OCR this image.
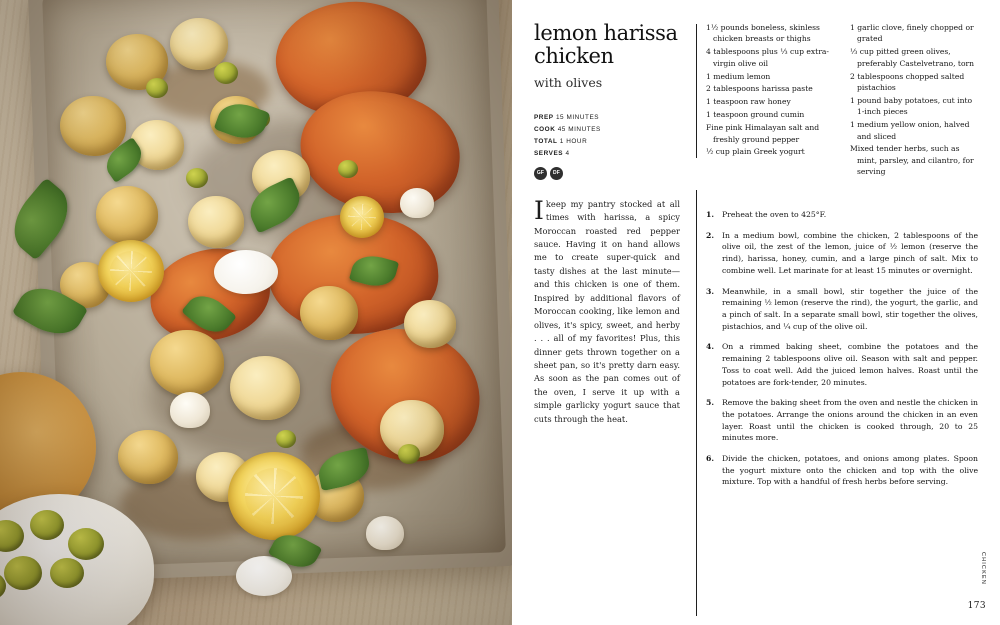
lemon harissa chicken
with olives
PREP 15 MINUTES
COOK 45 MINUTES
TOTAL 1 HOUR
SERVES 4
GF	DF

Ikeep my pantry stocked at all times with harissa, a spicy Moroccan roasted red pepper sauce. Having it on hand allows me to create super-quick and tasty dishes at the last minute—and this chicken is one of them. Inspired by additional flavors of Moroccan cooking, like lemon and olives, it's spicy, sweet, and herby . . . all of my favorites! Plus, this dinner gets thrown together on a sheet pan, so it's pretty darn easy. As soon as the pan comes out of the oven, I serve it up with a simple garlicky yogurt sauce that cuts through the heat.

1½ pounds boneless, skinless chicken breasts or thighs
4 tablespoons plus ⅓ cup extra-virgin olive oil
1 medium lemon
2 tablespoons harissa paste
1 teaspoon raw honey
1 teaspoon ground cumin
Fine pink Himalayan salt and freshly ground pepper
½ cup plain Greek yogurt
1 garlic clove, finely chopped or grated
⅓ cup pitted green olives, preferably Castelvetrano, torn
2 tablespoons chopped salted pistachios
1 pound baby potatoes, cut into 1-inch pieces
1 medium yellow onion, halved and sliced
Mixed tender herbs, such as mint, parsley, and cilantro, for serving
1. Preheat the oven to 425°F.
2. In a medium bowl, combine the chicken, 2 tablespoons of the olive oil, the zest of the lemon, juice of ½ lemon (reserve the rind), harissa, honey, cumin, and a large pinch of salt. Mix to combine well. Let marinate for at least 15 minutes or overnight.
3. Meanwhile, in a small bowl, stir together the juice of the remaining ½ lemon (reserve the rind), the yogurt, the garlic, and a pinch of salt. In a separate small bowl, stir together the olives, pistachios, and ¼ cup of the olive oil.
4. On a rimmed baking sheet, combine the potatoes and the remaining 2 tablespoons olive oil. Season with salt and pepper. Toss to coat well. Add the juiced lemon halves. Roast until the potatoes are fork-tender, 20 minutes.
5. Remove the baking sheet from the oven and nestle the chicken in the potatoes. Arrange the onions around the chicken in an even layer. Roast until the chicken is cooked through, 20 to 25 minutes more.
6. Divide the chicken, potatoes, and onions among plates. Spoon the yogurt mixture onto the chicken and top with the olive mixture. Top with a handful of fresh herbs before serving.
CHICKEN
173
